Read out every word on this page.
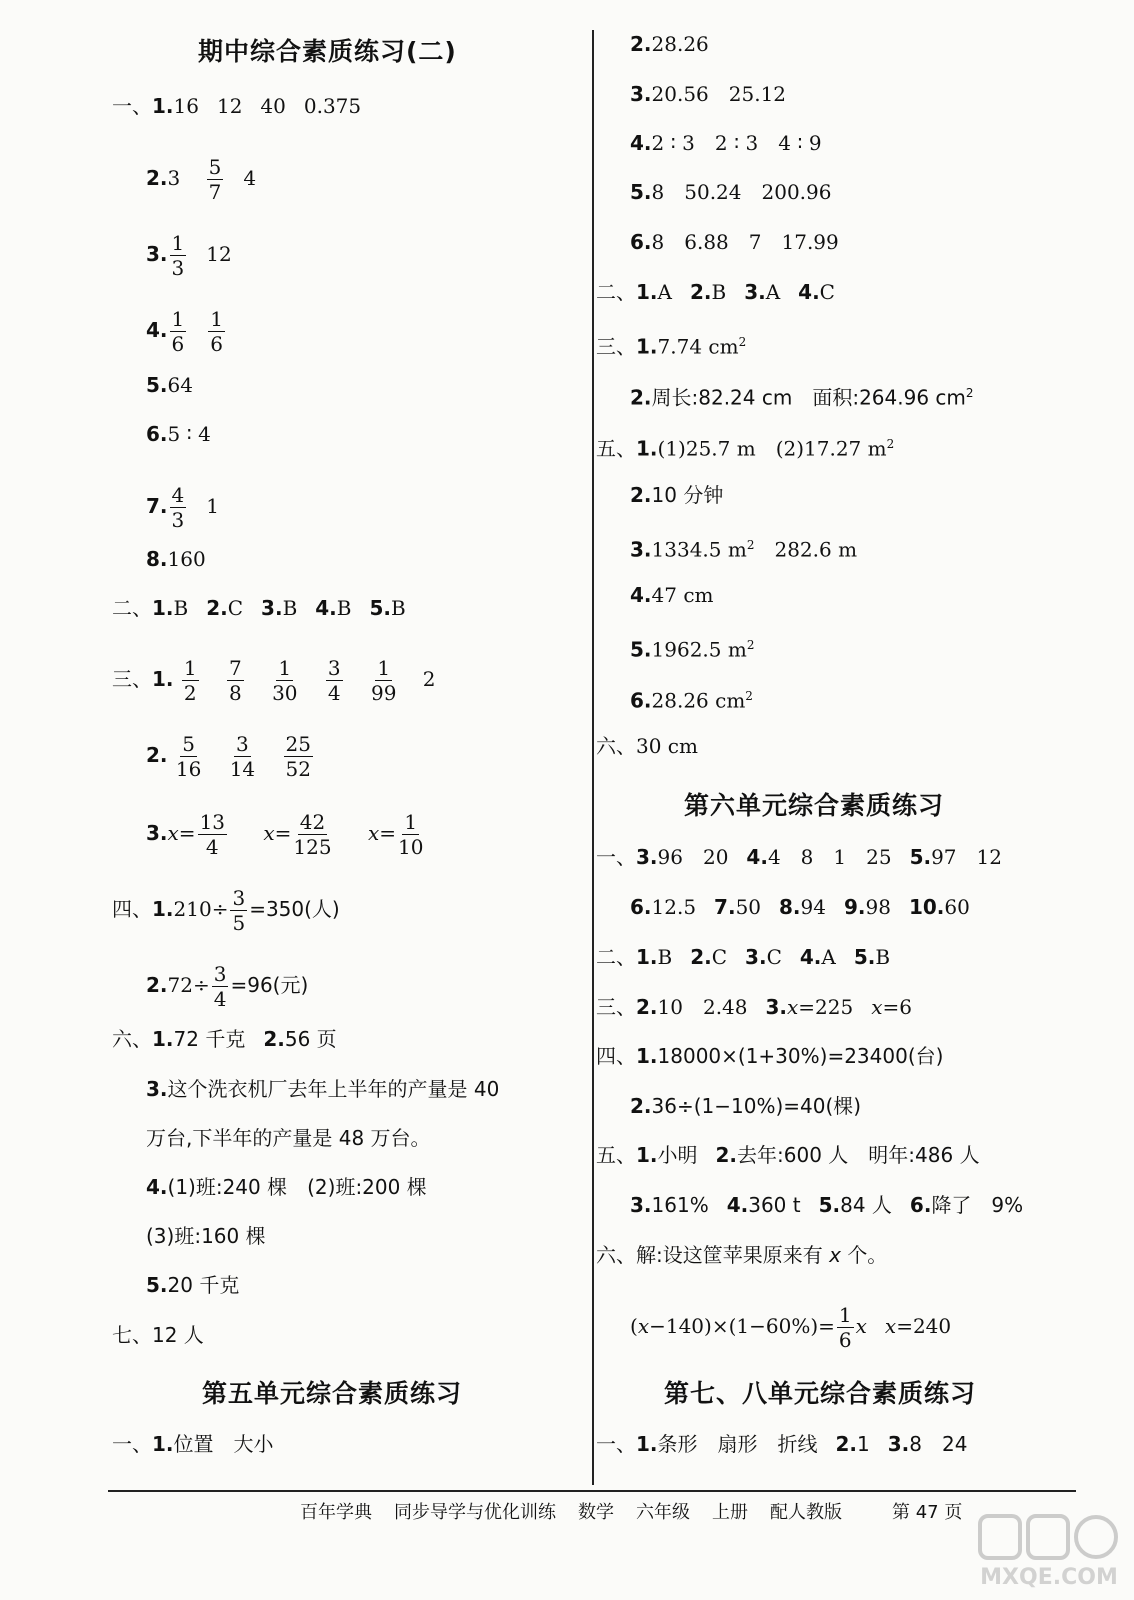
期中综合素质练习(二)
一、1.16 12 40 0.375
$2.3 \frac{5}{7} 4$
3. $\frac{1}{3} 12$
4. $\frac{1}{6} \frac{1}{6}$
5.64
6.5 ∶ 4
7. $\frac{4}{3} 1$
8.160
二、1.B 2.C 3.B 4.B 5.B
三、1. $\frac{1}{2}$
$\frac{7}{8}$
$\frac{1}{30}$
$\frac{3}{4}$
$\frac{1}{99} 2$
2. $\frac{5}{16}$
$\frac{3}{14}$
$\frac{25}{52}$
$3.x= \frac{13}{4} x= \frac{42}{125} x= \frac{1}{10}$
四、$1.210\div \frac{3}{5} =350$(人)
$2.72\div \frac{3}{4} =96$(元)
六、1.72 千克 2.56 页
3.这个洗衣机厂去年上半年的产量是 40
万台,下半年的产量是 48 万台。
4.(1)班:240 棵　(2)班:200 棵
(3)班:160 棵
5.20 千克
七、12 人
第五单元综合素质练习
一、1.位置　大小
2.28.26
3.20.56　25.12
4.2 ∶ 3　2 ∶ 3　4 ∶ 9
5.8　50.24　200.96
6.8　6.88　7　17.99
二、1.A 2.B 3.A 4.C
三、1.7.74 $cm^2$
2.周长:82.24 cm　面积:264.96 $cm^2$
五、1.(1)25.7 m　(2)17.27 $m^2$
2.10 分钟
3.1334.5 $m^2$　282.6 m
4.47 cm
5.1962.5 $m^2$
6.28.26 $cm^2$
六、30 cm
第六单元综合素质练习
一、3.96　20 4.4　8　1　25 5.97　12
6.12.5 7.50 8.94 9.98 10.60
二、1.B 2.C 3.C 4.A 5.B
三、2.10　2.48 3.x=225 x=6
四、1.18000×(1+30%)=23400(台)
2.36÷(1−10%)=40(棵)
五、1.小明 2.去年:600 人　明年:486 人
3.161% 4.360 t 5.84 人 6.降了　9%
六、解:设这筐苹果原来有 x 个。
$(x-140)\times(1-60\%)= \frac{1}{6}$ x x=240
第七、八单元综合素质练习
一、1.条形　扇形　折线 2.1 3.8　24
百年学典 同步导学与优化训练 数学 六年级 上册 配人教版	第 47 页
MXQE.COM
